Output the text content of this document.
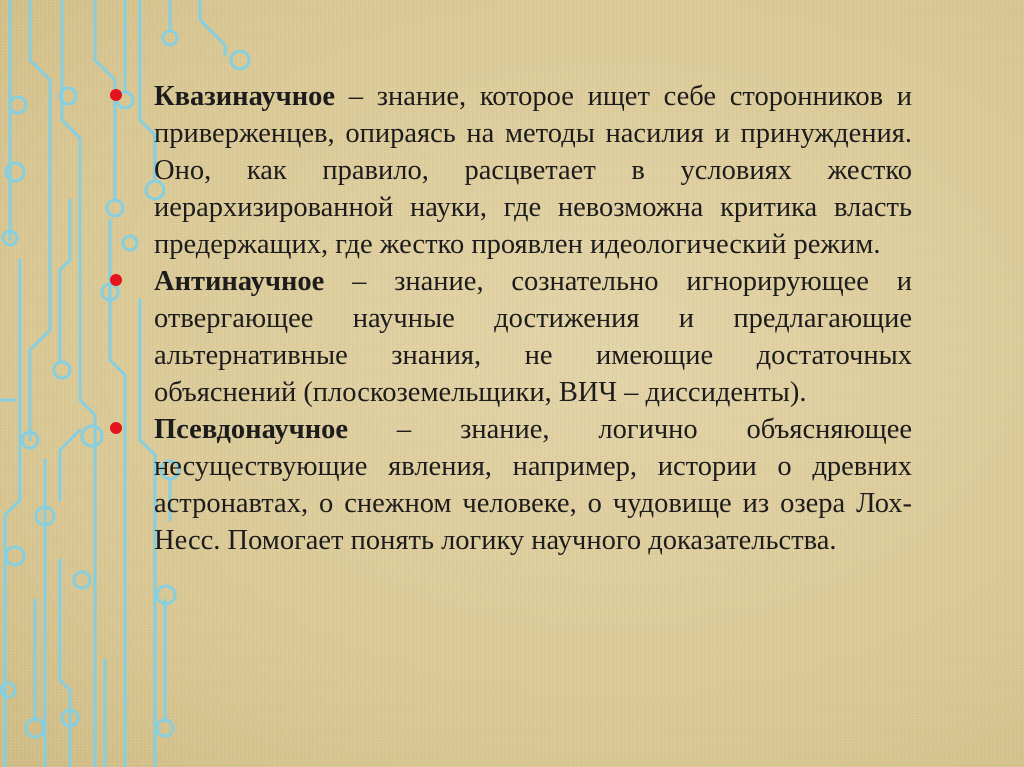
Квазинаучное – знание, которое ищет себе сторонников и приверженцев, опираясь на методы насилия и принуждения. Оно, как правило, расцветает в условиях жестко иерархизированной науки, где невозможна критика власть предержащих, где жестко проявлен идеологический режим.
Антинаучное – знание, сознательно игнорирующее и отвергающее научные достижения и предлагающие альтернативные знания, не имеющие достаточных объяснений (плоскоземельщики, ВИЧ – диссиденты).
Псевдонаучное – знание, логично объясняющее несуществующие явления, например, истории о древних астронавтах, о снежном человеке, о чудовище из озера Лох-Несс. Помогает понять логику научного доказательства.
